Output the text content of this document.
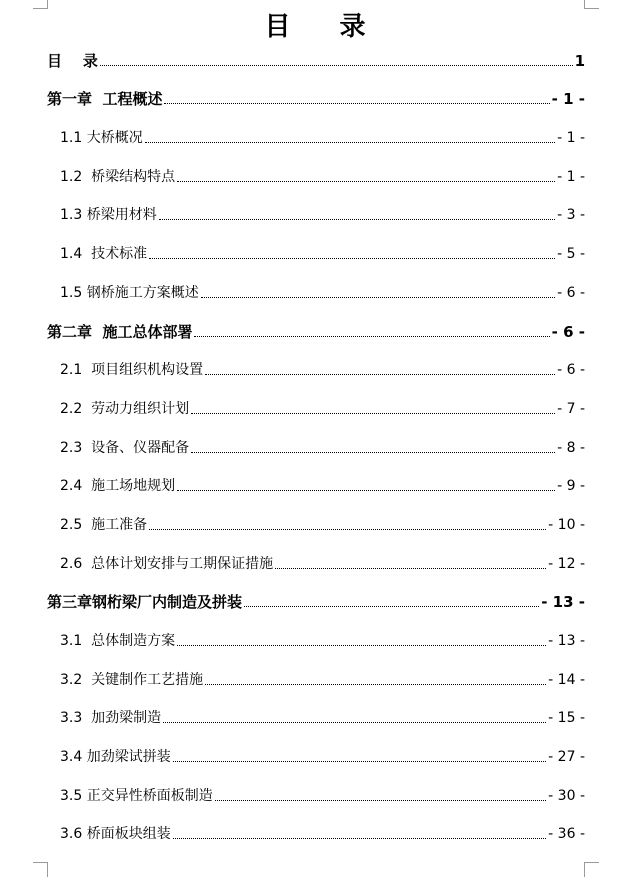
目 录
目    录	1
第一章  工程概述	- 1 -
1.1 大桥概况	- 1 -
1.2  桥梁结构特点	- 1 -
1.3 桥梁用材料	- 3 -
1.4  技术标准	- 5 -
1.5 钢桥施工方案概述	- 6 -
第二章  施工总体部署	- 6 -
2.1  项目组织机构设置	- 6 -
2.2  劳动力组织计划	- 7 -
2.3  设备、仪器配备	- 8 -
2.4  施工场地规划	- 9 -
2.5  施工准备	- 10 -
2.6  总体计划安排与工期保证措施	- 12 -
第三章钢桁梁厂内制造及拼装	- 13 -
3.1  总体制造方案	- 13 -
3.2  关键制作工艺措施	- 14 -
3.3  加劲梁制造	- 15 -
3.4 加劲梁试拼装	- 27 -
3.5 正交异性桥面板制造	- 30 -
3.6 桥面板块组装	- 36 -
